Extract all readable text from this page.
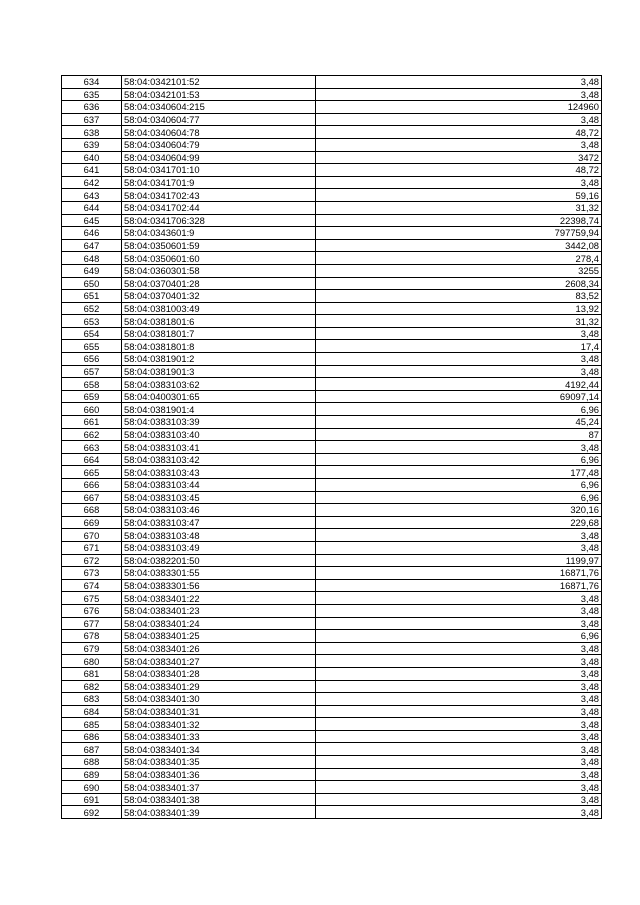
634	58:04:0342101:52	3,48
635	58:04:0342101:53	3,48
636	58:04:0340604:215	124960
637	58:04:0340604:77	3,48
638	58:04:0340604:78	48,72
639	58:04:0340604:79	3,48
640	58:04:0340604:99	3472
641	58:04:0341701:10	48,72
642	58:04:0341701:9	3,48
643	58:04:0341702:43	59,16
644	58:04:0341702:44	31,32
645	58:04:0341706:328	22398,74
646	58:04:0343601:9	797759,94
647	58:04:0350601:59	3442,08
648	58:04:0350601:60	278,4
649	58:04:0360301:58	3255
650	58:04:0370401:28	2608,34
651	58:04:0370401:32	83,52
652	58:04:0381003:49	13,92
653	58:04:0381801:6	31,32
654	58:04:0381801:7	3,48
655	58:04:0381801:8	17,4
656	58:04:0381901:2	3,48
657	58:04:0381901:3	3,48
658	58:04:0383103:62	4192,44
659	58:04:0400301:65	69097,14
660	58:04:0381901:4	6,96
661	58:04:0383103:39	45,24
662	58:04:0383103:40	87
663	58:04:0383103:41	3,48
664	58:04:0383103:42	6,96
665	58:04:0383103:43	177,48
666	58:04:0383103:44	6,96
667	58:04:0383103:45	6,96
668	58:04:0383103:46	320,16
669	58:04:0383103:47	229,68
670	58:04:0383103:48	3,48
671	58:04:0383103:49	3,48
672	58:04:0382201:50	1199,97
673	58:04:0383301:55	16871,76
674	58:04:0383301:56	16871,76
675	58:04:0383401:22	3,48
676	58:04:0383401:23	3,48
677	58:04:0383401:24	3,48
678	58:04:0383401:25	6,96
679	58:04:0383401:26	3,48
680	58:04:0383401:27	3,48
681	58:04:0383401:28	3,48
682	58:04:0383401:29	3,48
683	58:04:0383401:30	3,48
684	58:04:0383401:31	3,48
685	58:04:0383401:32	3,48
686	58:04:0383401:33	3,48
687	58:04:0383401:34	3,48
688	58:04:0383401:35	3,48
689	58:04:0383401:36	3,48
690	58:04:0383401:37	3,48
691	58:04:0383401:38	3,48
692	58:04:0383401:39	3,48
